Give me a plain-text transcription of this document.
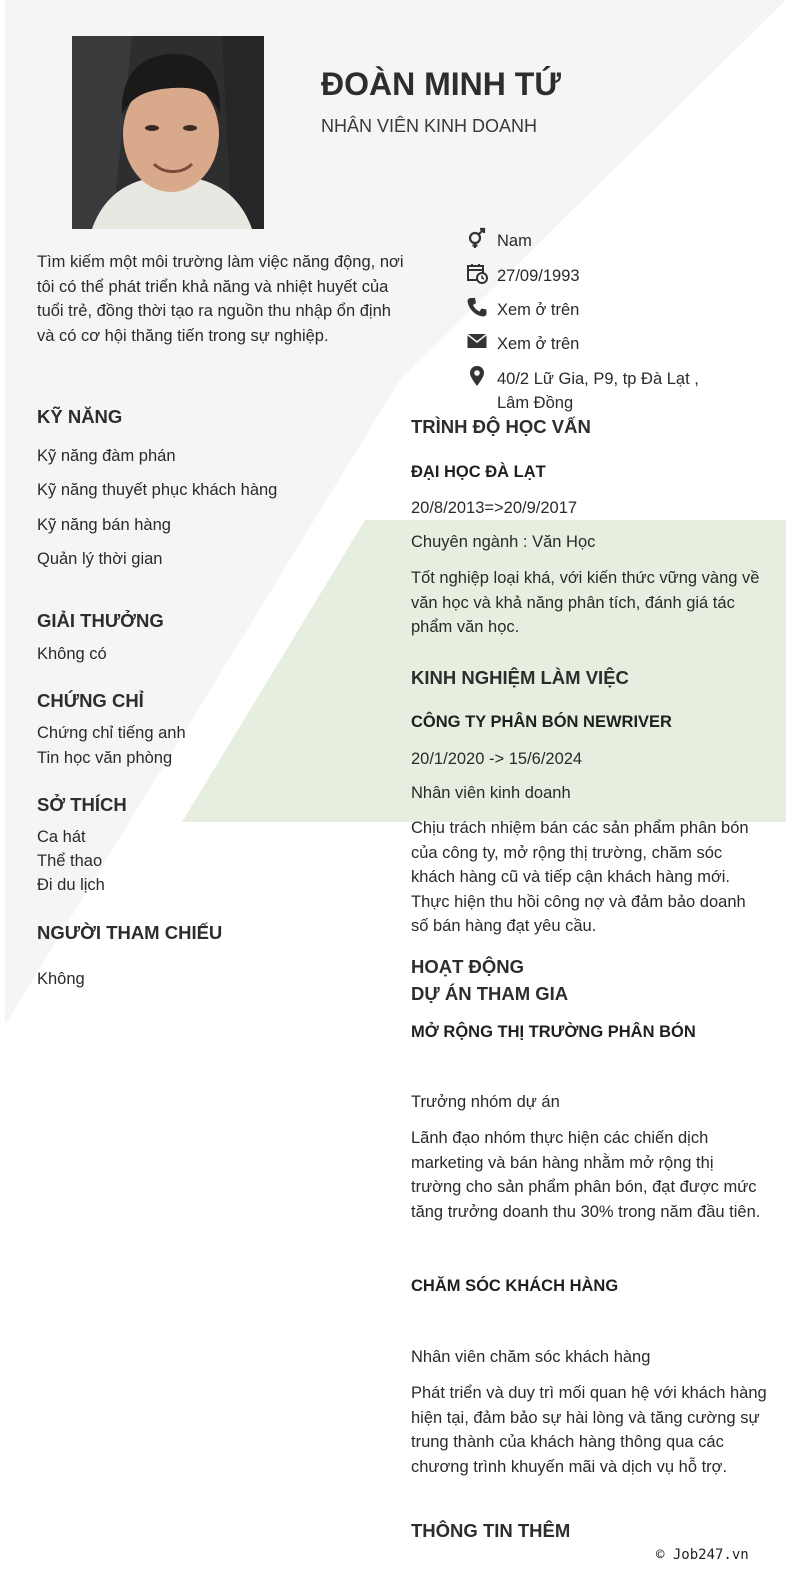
ĐOÀN MINH TỨ
NHÂN VIÊN KINH DOANH
Tìm kiếm một môi trường làm việc năng động, nơi tôi có thể phát triển khả năng và nhiệt huyết của tuổi trẻ, đồng thời tạo ra nguồn thu nhập ổn định và có cơ hội thăng tiến trong sự nghiệp.
Nam
27/09/1993
Xem ở trên
Xem ở trên
40/2 Lữ Gia, P9, tp Đà Lạt , Lâm Đồng
KỸ NĂNG
Kỹ năng đàm phán
Kỹ năng thuyết phục khách hàng
Kỹ năng bán hàng
Quản lý thời gian
GIẢI THƯỞNG
Không có
CHỨNG CHỈ
Chứng chỉ tiếng anh
Tin học văn phòng
SỞ THÍCH
Ca hát
Thể thao
Đi du lịch
NGƯỜI THAM CHIẾU
Không
TRÌNH ĐỘ HỌC VẤN
ĐẠI HỌC ĐÀ LẠT
20/8/2013=>20/9/2017
Chuyên ngành : Văn Học
Tốt nghiệp loại khá, với kiến thức vững vàng về văn học và khả năng phân tích, đánh giá tác phẩm văn học.
KINH NGHIỆM LÀM VIỆC
CÔNG TY PHÂN BÓN NEWRIVER
20/1/2020 -> 15/6/2024
Nhân viên kinh doanh
Chịu trách nhiệm bán các sản phẩm phân bón của công ty, mở rộng thị trường, chăm sóc khách hàng cũ và tiếp cận khách hàng mới. Thực hiện thu hồi công nợ và đảm bảo doanh số bán hàng đạt yêu cầu.
HOẠT ĐỘNG
DỰ ÁN THAM GIA
MỞ RỘNG THỊ TRƯỜNG PHÂN BÓN
Trưởng nhóm dự án
Lãnh đạo nhóm thực hiện các chiến dịch marketing và bán hàng nhằm mở rộng thị trường cho sản phẩm phân bón, đạt được mức tăng trưởng doanh thu 30% trong năm đầu tiên.
CHĂM SÓC KHÁCH HÀNG
Nhân viên chăm sóc khách hàng
Phát triển và duy trì mối quan hệ với khách hàng hiện tại, đảm bảo sự hài lòng và tăng cường sự trung thành của khách hàng thông qua các chương trình khuyến mãi và dịch vụ hỗ trợ.
THÔNG TIN THÊM
© Job247.vn
